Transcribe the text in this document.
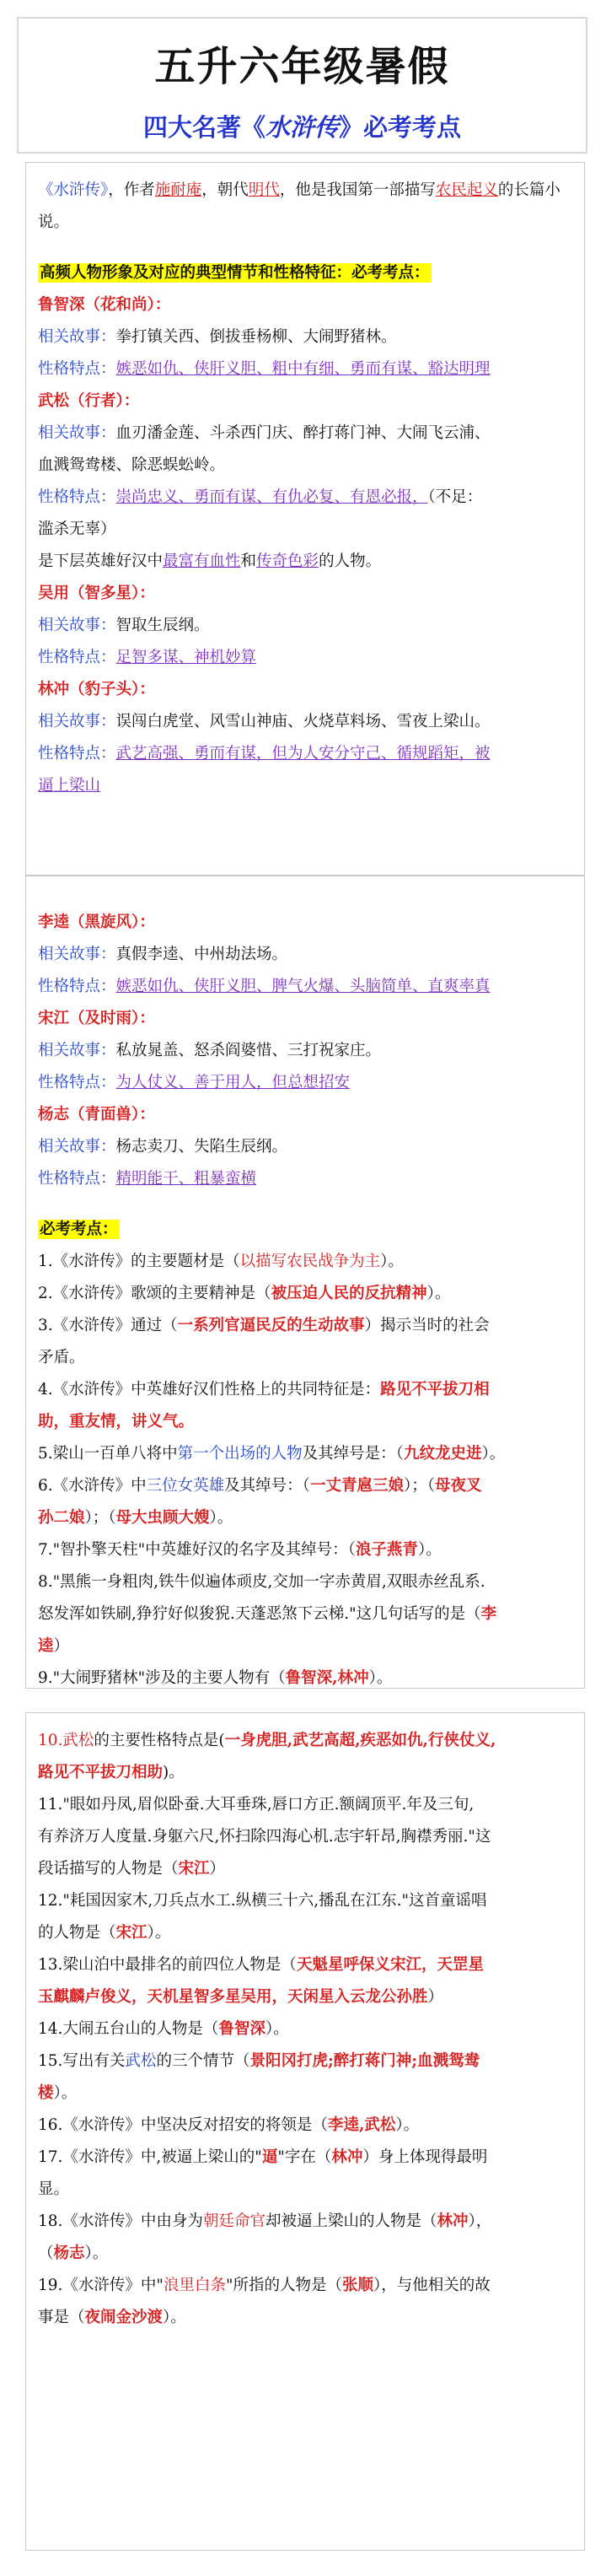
五升六年级暑假
四大名著《水浒传》必考考点

《水浒传》，作者施耐庵，朝代明代，他是我国第一部描写农民起义的长篇小说。

高频人物形象及对应的典型情节和性格特征：必考考点：

鲁智深（花和尚）：

相关故事：拳打镇关西、倒拔垂杨柳、大闹野猪林。

性格特点：嫉恶如仇、侠肝义胆、粗中有细、勇而有谋、豁达明理

武松（行者）：

相关故事：血刃潘金莲、斗杀西门庆、醉打蒋门神、大闹飞云浦、

血溅鸳鸯楼、除恶蜈蚣岭。

性格特点：崇尚忠义、勇而有谋、有仇必复、有恩必报，（不足：

滥杀无辜）

是下层英雄好汉中最富有血性和传奇色彩的人物。

吴用（智多星）：

相关故事：智取生辰纲。

性格特点：足智多谋、神机妙算

林冲（豹子头）：

相关故事：误闯白虎堂、风雪山神庙、火烧草料场、雪夜上梁山。

性格特点：武艺高强、勇而有谋，但为人安分守己、循规蹈矩，被

逼上梁山

李逵（黑旋风）：

相关故事：真假李逵、中州劫法场。

性格特点：嫉恶如仇、侠肝义胆、脾气火爆、头脑简单、直爽率真

宋江（及时雨）：

相关故事：私放晁盖、怒杀阎婆惜、三打祝家庄。

性格特点：为人仗义、善于用人，但总想招安

杨志（青面兽）：

相关故事：杨志卖刀、失陷生辰纲。

性格特点：精明能干、粗暴蛮横

必考考点：

1.《水浒传》的主要题材是（以描写农民战争为主）。

2.《水浒传》歌颂的主要精神是（被压迫人民的反抗精神）。

3.《水浒传》通过（一系列官逼民反的生动故事）揭示当时的社会

矛盾。

4.《水浒传》中英雄好汉们性格上的共同特征是：路见不平拔刀相

助，重友情，讲义气。

5.梁山一百单八将中第一个出场的人物及其绰号是：（九纹龙史进）。

6.《水浒传》中三位女英雄及其绰号：（一丈青扈三娘）；（母夜叉

孙二娘）；（母大虫顾大嫂）。

7."智扑擎天柱"中英雄好汉的名字及其绰号：（浪子燕青）。

8."黑熊一身粗肉,铁牛似遍体顽皮,交加一字赤黄眉,双眼赤丝乱系.

怒发浑如铁刷,狰狞好似狻猊.天蓬恶煞下云梯."这几句话写的是（李

逵）

9."大闹野猪林"涉及的主要人物有（鲁智深,林冲）。

10.武松的主要性格特点是(一身虎胆,武艺高超,疾恶如仇,行侠仗义,

路见不平拔刀相助)。

11."眼如丹凤,眉似卧蚕.大耳垂珠,唇口方正.额阔顶平.年及三旬,

有养济万人度量.身躯六尺,怀扫除四海心机.志宇轩昂,胸襟秀丽."这

段话描写的人物是（宋江）

12."耗国因家木,刀兵点水工.纵横三十六,播乱在江东."这首童谣唱

的人物是（宋江）。

13.梁山泊中最排名的前四位人物是（天魁星呼保义宋江，天罡星

玉麒麟卢俊义，天机星智多星吴用，天闲星入云龙公孙胜）

14.大闹五台山的人物是（鲁智深）。

15.写出有关武松的三个情节（景阳冈打虎;醉打蒋门神;血溅鸳鸯

楼）。

16.《水浒传》中坚决反对招安的将领是（李逵,武松）。

17.《水浒传》中,被逼上梁山的"逼"字在（林冲）身上体现得最明

显。

18.《水浒传》中由身为朝廷命官却被逼上梁山的人物是（林冲），

（杨志）。

19.《水浒传》中"浪里白条"所指的人物是（张顺），与他相关的故

事是（夜闹金沙渡）。
